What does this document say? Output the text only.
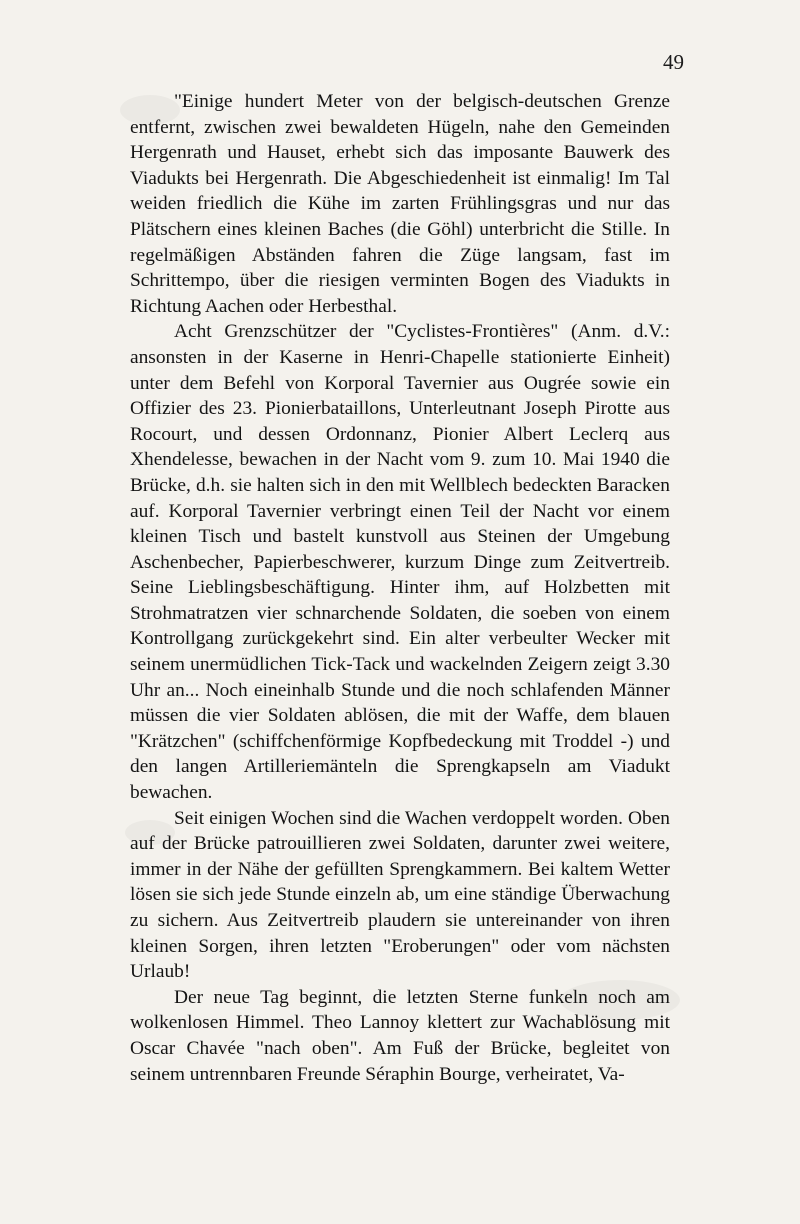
49

"Einige hundert Meter von der belgisch-deutschen Grenze entfernt, zwischen zwei bewaldeten Hügeln, nahe den Gemeinden Hergenrath und Hauset, erhebt sich das imposante Bauwerk des Viadukts bei Hergenrath. Die Abgeschiedenheit ist einmalig! Im Tal weiden friedlich die Kühe im zarten Frühlingsgras und nur das Plätschern eines kleinen Baches (die Göhl) unterbricht die Stille. In regelmäßigen Abständen fahren die Züge langsam, fast im Schrittempo, über die riesigen verminten Bogen des Viadukts in Richtung Aachen oder Herbesthal.

Acht Grenzschützer der "Cyclistes-Frontières" (Anm. d.V.: ansonsten in der Kaserne in Henri-Chapelle stationierte Einheit) unter dem Befehl von Korporal Tavernier aus Ougrée sowie ein Offizier des 23. Pionierbataillons, Unterleutnant Joseph Pirotte aus Rocourt, und dessen Ordonnanz, Pionier Albert Leclerq aus Xhendelesse, bewachen in der Nacht vom 9. zum 10. Mai 1940 die Brücke, d.h. sie halten sich in den mit Wellblech bedeckten Baracken auf. Korporal Tavernier verbringt einen Teil der Nacht vor einem kleinen Tisch und bastelt kunstvoll aus Steinen der Umgebung Aschenbecher, Papierbeschwerer, kurzum Dinge zum Zeitvertreib. Seine Lieblingsbeschäftigung. Hinter ihm, auf Holzbetten mit Strohmatratzen vier schnarchende Soldaten, die soeben von einem Kontrollgang zurückgekehrt sind. Ein alter verbeulter Wecker mit seinem unermüdlichen Tick-Tack und wackelnden Zeigern zeigt 3.30 Uhr an... Noch eineinhalb Stunde und die noch schlafenden Männer müssen die vier Soldaten ablösen, die mit der Waffe, dem blauen "Krätzchen" (schiffchenförmige Kopfbedeckung mit Troddel -) und den langen Artilleriemänteln die Sprengkapseln am Viadukt bewachen.

Seit einigen Wochen sind die Wachen verdoppelt worden. Oben auf der Brücke patrouillieren zwei Soldaten, darunter zwei weitere, immer in der Nähe der gefüllten Sprengkammern. Bei kaltem Wetter lösen sie sich jede Stunde einzeln ab, um eine ständige Überwachung zu sichern. Aus Zeitvertreib plaudern sie untereinander von ihren kleinen Sorgen, ihren letzten "Eroberungen" oder vom nächsten Urlaub!

Der neue Tag beginnt, die letzten Sterne funkeln noch am wolkenlosen Himmel. Theo Lannoy klettert zur Wachablösung mit Oscar Chavée "nach oben". Am Fuß der Brücke, begleitet von seinem untrennbaren Freunde Séraphin Bourge, verheiratet, Va-
